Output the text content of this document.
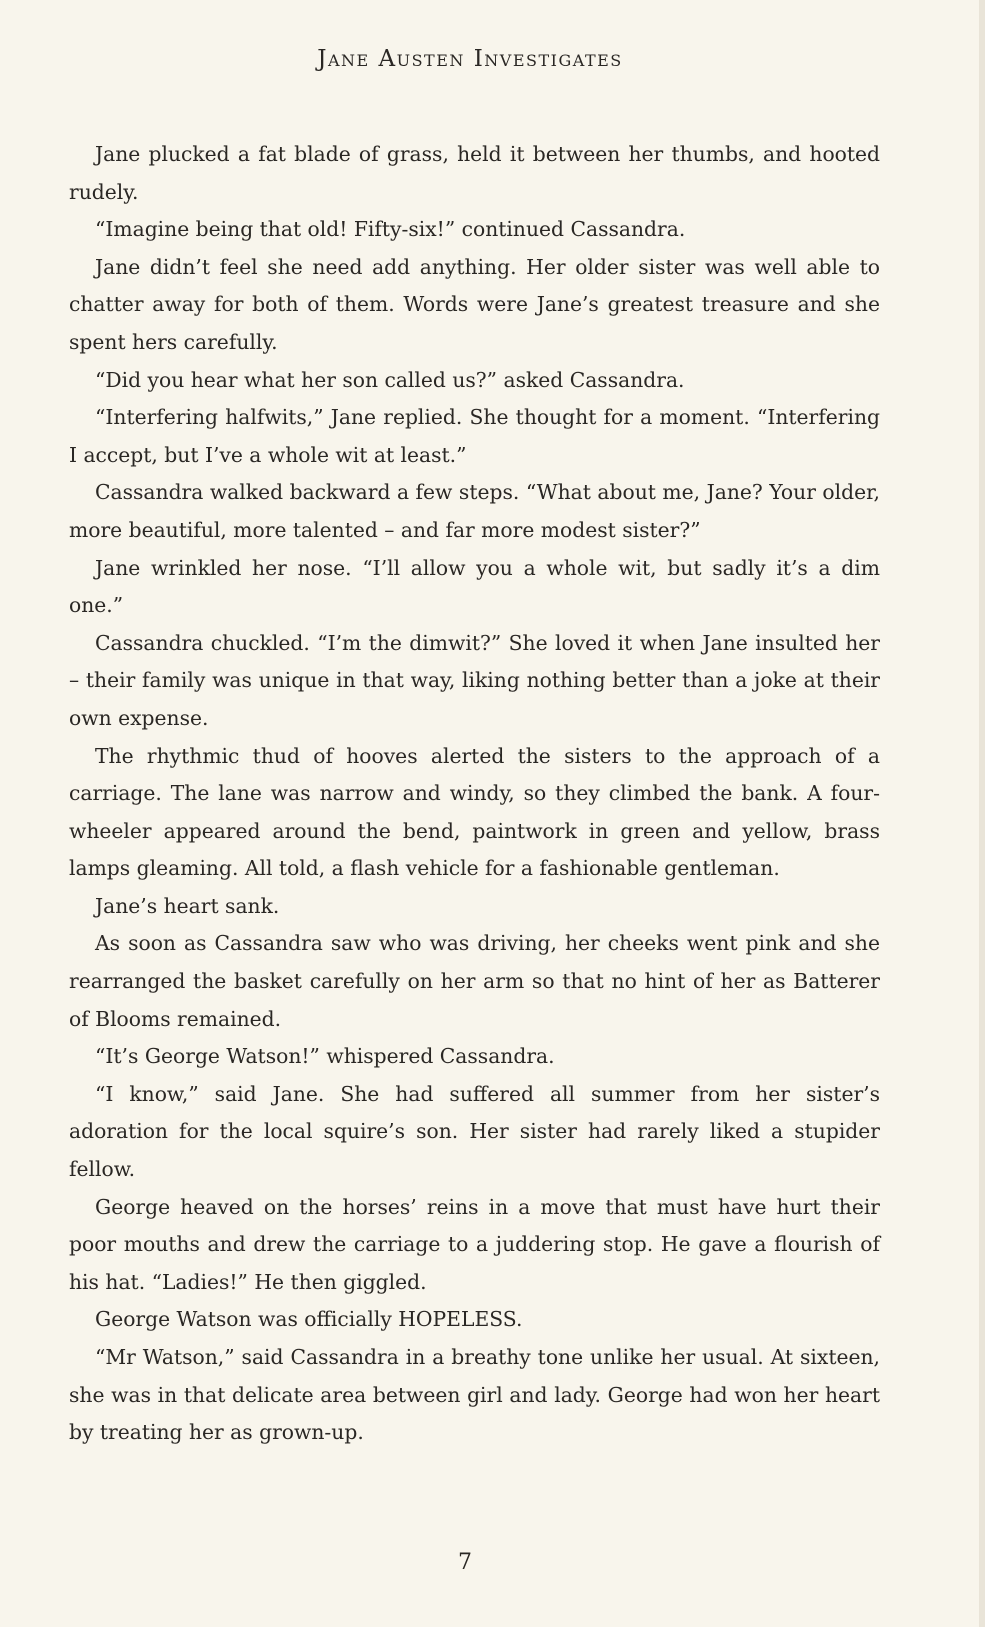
Jane Austen Investigates

Jane plucked a fat blade of grass, held it between her thumbs, and hooted rudely.

“Imagine being that old! Fifty-six!” continued Cassandra.

Jane didn’t feel she need add anything. Her older sister was well able to chatter away for both of them. Words were Jane’s greatest treasure and she spent hers carefully.

“Did you hear what her son called us?” asked Cassandra.

“Interfering halfwits,” Jane replied. She thought for a moment. “Interfering I accept, but I’ve a whole wit at least.”

Cassandra walked backward a few steps. “What about me, Jane? Your older, more beautiful, more talented – and far more modest sister?”

Jane wrinkled her nose. “I’ll allow you a whole wit, but sadly it’s a dim one.”

Cassandra chuckled. “I’m the dimwit?” She loved it when Jane insulted her – their family was unique in that way, liking nothing better than a joke at their own expense.

The rhythmic thud of hooves alerted the sisters to the approach of a carriage. The lane was narrow and windy, so they climbed the bank. A four-wheeler appeared around the bend, paintwork in green and yellow, brass lamps gleaming. All told, a flash vehicle for a fashionable gentleman.

Jane’s heart sank.

As soon as Cassandra saw who was driving, her cheeks went pink and she rearranged the basket carefully on her arm so that no hint of her as Batterer of Blooms remained.

“It’s George Watson!” whispered Cassandra.

“I know,” said Jane. She had suffered all summer from her sister’s adoration for the local squire’s son. Her sister had rarely liked a stupider fellow.

George heaved on the horses’ reins in a move that must have hurt their poor mouths and drew the carriage to a juddering stop. He gave a flourish of his hat. “Ladies!” He then giggled.

George Watson was officially HOPELESS.

“Mr Watson,” said Cassandra in a breathy tone unlike her usual. At sixteen, she was in that delicate area between girl and lady. George had won her heart by treating her as grown-up.

7
